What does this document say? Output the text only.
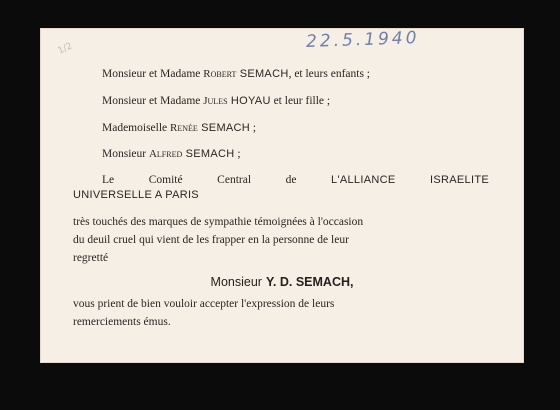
22.5.1940
1/2
Monsieur et Madame Robert SEMACH, et leurs enfants ;
Monsieur et Madame Jules HOYAU et leur fille ;
Mademoiselle Renée SEMACH ;
Monsieur Alfred SEMACH ;
Le	Comité	Central	de	L'ALLIANCE	ISRAELITE
UNIVERSELLE A PARIS
très touchés des marques de sympathie témoignées à l'occasion
du deuil cruel qui vient de les frapper en la personne de leur
regretté
Monsieur Y. D. SEMACH,
vous prient de bien vouloir accepter l'expression de leurs
remerciements émus.
